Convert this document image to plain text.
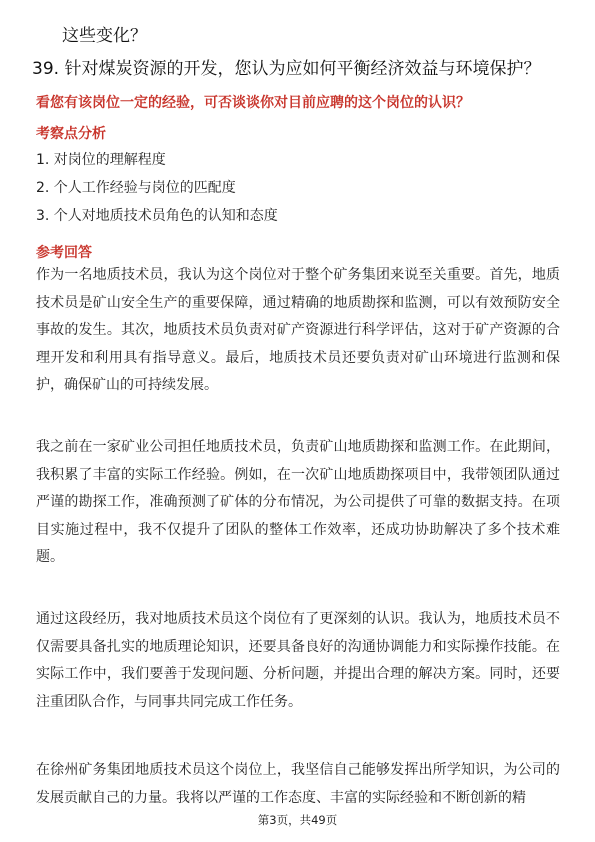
这些变化？
39. 针对煤炭资源的开发，您认为应如何平衡经济效益与环境保护？
看您有该岗位一定的经验，可否谈谈你对目前应聘的这个岗位的认识？
考察点分析
1. 对岗位的理解程度
2. 个人工作经验与岗位的匹配度
3. 个人对地质技术员角色的认知和态度
参考回答

作为一名地质技术员，我认为这个岗位对于整个矿务集团来说至关重要。首先，地质技术员是矿山安全生产的重要保障，通过精确的地质勘探和监测，可以有效预防安全事故的发生。其次，地质技术员负责对矿产资源进行科学评估，这对于矿产资源的合理开发和利用具有指导意义。最后，地质技术员还要负责对矿山环境进行监测和保护，确保矿山的可持续发展。

我之前在一家矿业公司担任地质技术员，负责矿山地质勘探和监测工作。在此期间，我积累了丰富的实际工作经验。例如，在一次矿山地质勘探项目中，我带领团队通过严谨的勘探工作，准确预测了矿体的分布情况，为公司提供了可靠的数据支持。在项目实施过程中，我不仅提升了团队的整体工作效率，还成功协助解决了多个技术难题。

通过这段经历，我对地质技术员这个岗位有了更深刻的认识。我认为，地质技术员不仅需要具备扎实的地质理论知识，还要具备良好的沟通协调能力和实际操作技能。在实际工作中，我们要善于发现问题、分析问题，并提出合理的解决方案。同时，还要注重团队合作，与同事共同完成工作任务。

在徐州矿务集团地质技术员这个岗位上，我坚信自己能够发挥出所学知识，为公司的发展贡献自己的力量。我将以严谨的工作态度、丰富的实际经验和不断创新的精

第3页，共49页
